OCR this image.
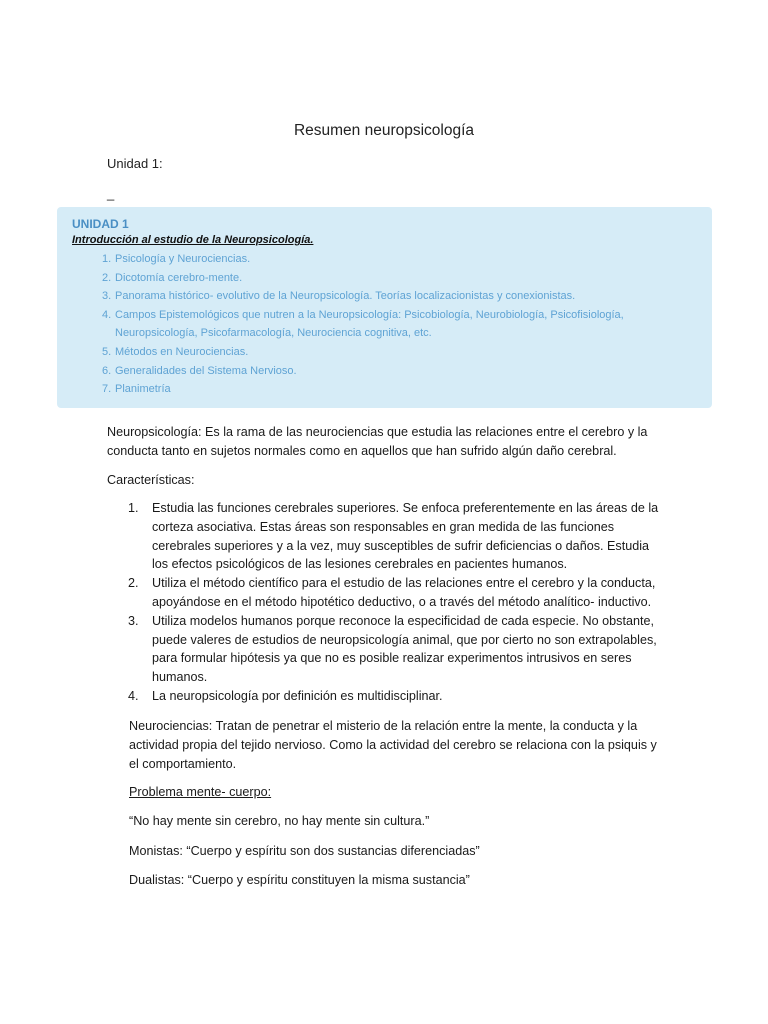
Resumen neuropsicología
Unidad 1:
_
UNIDAD 1
Introducción al estudio de la Neuropsicología.
1. Psicología y Neurociencias.
2. Dicotomía cerebro-mente.
3. Panorama histórico- evolutivo de la Neuropsicología. Teorías localizacionistas y conexionistas.
4. Campos Epistemológicos que nutren a la Neuropsicología: Psicobiología, Neurobiología, Psicofisiología, Neuropsicología, Psicofarmacología, Neurociencia cognitiva, etc.
5. Métodos en Neurociencias.
6. Generalidades del Sistema Nervioso.
7. Planimetría
Neuropsicología: Es la rama de las neurociencias que estudia las relaciones entre el cerebro y la conducta tanto en sujetos normales como en aquellos que han sufrido algún daño cerebral.
Características:
1.	Estudia las funciones cerebrales superiores. Se enfoca preferentemente en las áreas de la corteza asociativa. Estas áreas son responsables en gran medida de las funciones cerebrales superiores y a la vez, muy susceptibles de sufrir deficiencias o daños. Estudia los efectos psicológicos de las lesiones cerebrales en pacientes humanos.
2.	Utiliza el método científico para el estudio de las relaciones entre el cerebro y la conducta, apoyándose en el método hipotético deductivo, o a través del método analítico- inductivo.
3.	Utiliza modelos humanos porque reconoce la especificidad de cada especie. No obstante, puede valeres de estudios de neuropsicología animal, que por cierto no son extrapolables, para formular hipótesis ya que no es posible realizar experimentos intrusivos en seres humanos.
4.	La neuropsicología por definición es multidisciplinar.
Neurociencias: Tratan de penetrar el misterio de la relación entre la mente, la conducta y la actividad propia del tejido nervioso. Como la actividad del cerebro se relaciona con la psiquis y el comportamiento.
Problema mente- cuerpo:
“No hay mente sin cerebro, no hay mente sin cultura.”
Monistas: “Cuerpo y espíritu son dos sustancias diferenciadas”
Dualistas: “Cuerpo y espíritu constituyen la misma sustancia”
